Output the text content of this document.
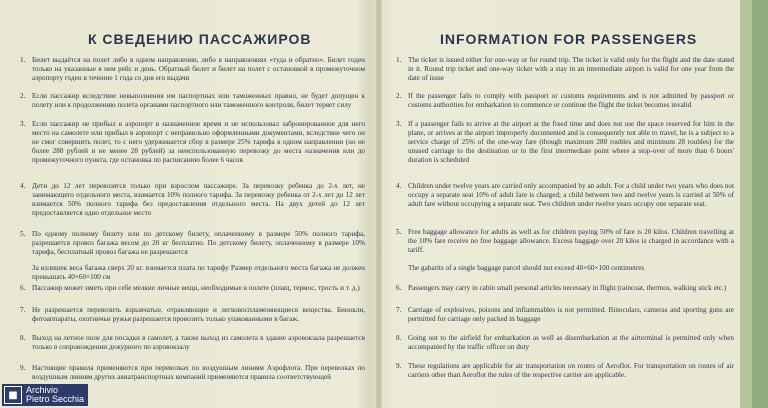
К СВЕДЕНИЮ ПАССАЖИРОВ
1. Билет выдаётся на полет либо в одном направлении, либо в направлениях «туда и обратно». Билет годен только на указанные в нем рейс и день. Обратный билет и билет на полет с остановкой в промежуточном аэропорту годен в течение 1 года со дня его выдачи
2. Если пассажир вследствие невыполнения им паспортных или таможенных правил, не будет допущен к полету или к продолжению полета органами паспортного или таможенного контроля, билет теряет силу
3. Если пассажир не прибыл в аэропорт в назначенное время и не использовал забронированное для него место на самолете или прибыл в аэропорт с неправильно оформленными документами, вследствие чего он не смог совершить полет, то с него удерживается сбор в размере 25% тарифа в одном направлении (но не более 280 рублей и не менее 28 рублей) за неиспользованную перевозку до места назначения или до промежуточного пункта, где остановка по расписанию более 6 часов
4. Дети до 12 лет перевозятся только при взрослом пассажире. За перевозку ребенка до 2-х лет, не занимающего отдельного места, взимается 10% полного тарифа. За перевозку ребенка от 2-х лет до 12 лет взимается 50% полного тарифа без предоставления отдельного места. На двух детей до 12 лет предоставляется одно отдельное место
5. По одному полному билету или по детскому билету, оплаченному в размере 50% полного тарифа, разрешается провоз багажа весом до 20 кг бесплатно. По детскому билету, оплаченному в размере 10% тарифа, бесплатный провоз багажа не разрешается
За излишек веса багажа сверх 20 кг. взимается плата по тарифу Размер отдельного места багажа не должен превышать 40×60×100 см
6. Пассажир может иметь при себе мелкие личные вещи, необходимые в полете (плащ, термос, трость и т. д.)
7. Не разрешается перевозить взрывчатые, отравляющие и легковоспламеняющиеся вещества. Бинокли, фотоаппараты, охотничьи ружья разрешается провозить только упакованными в багаж.
8. Выход на летное поле для посадки в самолет, а также выход из самолета в здание аэровокзала разрешается только в сопровождении дежурного по аэровокзалу
9. Настоящие правила применяются при перевозках по воздушным линиям Аэрофлота. При перевозках по воздушным линиям других авиатранспортных компаний применяются правила соответствующей
INFORMATION FOR PASSENGERS
1. The ticket is issued either for one-way or for round trip. The ticket is valid only for the flight and the date stated in it. Round trip ticket and one-way ticket with a stay in an intermediate airport is valid for one year from the date of issue
2. If the passenger fails to comply with passport or customs requirements and is not admitted by passport or customs authorities for embarkation to commence or continue the flight the ticket becomes invalid
3. If a passenger fails to arrive at the airport at the fixed time and does not use the space reserved for him in the plane, or arrives at the airport improperly documented and is consequently not able to travel, he is a subject to a service charge of 25% of the one-way fare (though maximum 280 roubles and minimum 28 roubles) for the unused carriage to the destination or to the first intermediate point where a stop-over of more than 6 hours' duration is scheduled
4. Children under twelve years are carried only accompanied by an adult. For a child under two years who does not occupy a separate seat 10% of adult fare is charged; a child between two and twelve years is carried at 50% of adult fare without occupying a separate seat. Two children under twelve years occupy one separate seat.
5. Free baggage allowance for adults as well as for children paying 50% of fare is 20 kilos. Children travelling at the 10% fare receive no free baggage allowance. Excess baggage over 20 kilos is charged in accordance with a tariff.
The gabarits of a single baggage parcel should not exceed 40×60×100 centimetres
6. Passengers may carry in cabin small personal articles necessary in flight (raincoat, thermos, walking stick etc.)
7. Carriage of explosives, poisons and inflammables is not permitted. Binoculars, cameras and sporting guns are permitted for carriage only packed in baggage
8. Going out to the airfield for embarkation as well as disembarkation at the airterminal is permitted only when accompanied by the traffic officer on duty
9. These regulations are applicable for air transportation on routes of Aeroflot. For transportation on routes of air carriers other than Aeroflot the rules of the respective carrier are applicable.
■ Archivio
Pietro Secchia
